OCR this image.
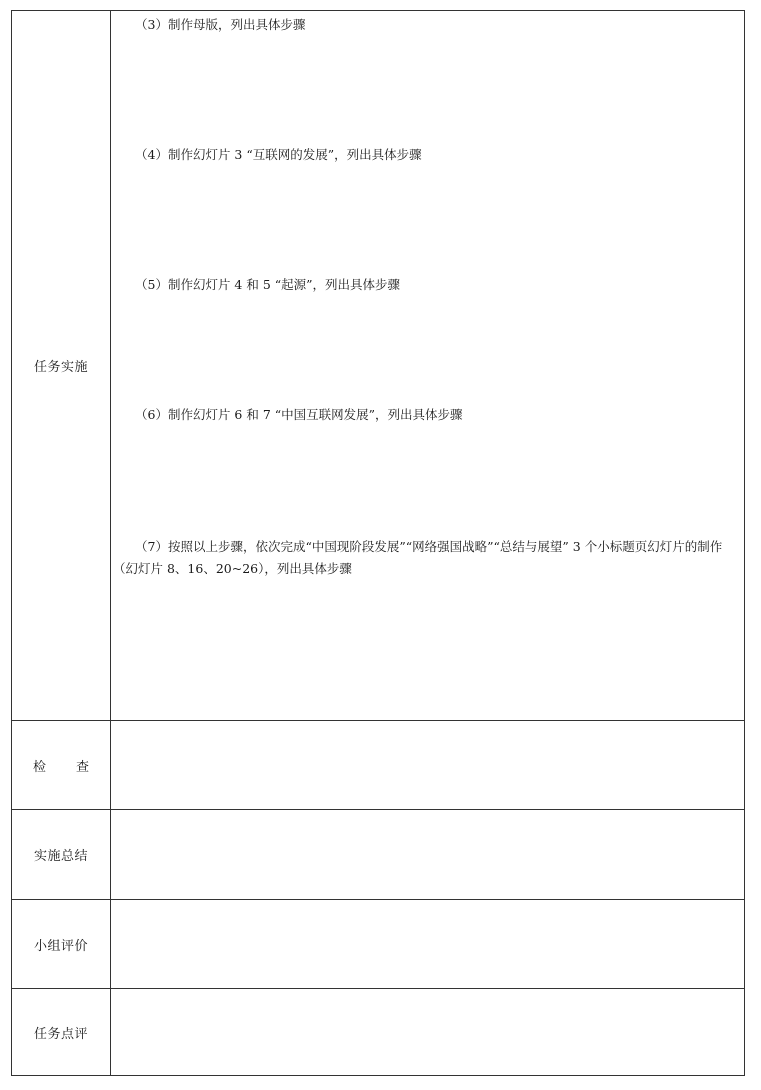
任务实施
（3）制作母版，列出具体步骤
（4）制作幻灯片 3 “互联网的发展”，列出具体步骤
（5）制作幻灯片 4 和 5 “起源”，列出具体步骤
（6）制作幻灯片 6 和 7 “中国互联网发展”，列出具体步骤
（7）按照以上步骤，依次完成“中国现阶段发展”“网络强国战略”“总结与展望” 3 个小标题页幻灯片的制作（幻灯片 8、16、20~26），列出具体步骤
检查
实施总结
小组评价
任务点评
